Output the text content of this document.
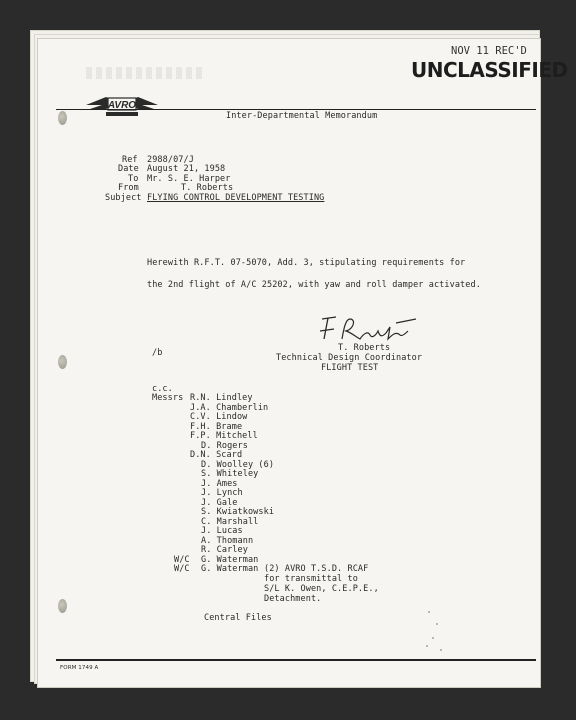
NOV 11 REC'D
UNCLASSIFIED
AVRO
Inter-Departmental Memorandum
Ref 2988/07/J
Date August 21, 1958
To Mr. S. E. Harper
From	T. Roberts
Subject FLYING CONTROL DEVELOPMENT TESTING
Herewith R.F.T. 07-5070, Add. 3, stipulating requirements for
the 2nd flight of A/C 25202, with yaw and roll damper activated.
/b	T. Roberts
Technical Design Coordinator
FLIGHT TEST
c.c.
Messrs R.N. Lindley
J.A. Chamberlin
C.V. Lindow
F.H. Brame
F.P. Mitchell
D. Rogers
D.N. Scard
D. Woolley (6)
S. Whiteley
J. Ames
J. Lynch
J. Gale
S. Kwiatkowski
C. Marshall
J. Lucas
A. Thomann
R. Carley
W/C G. Waterman
W/C G. Waterman (2) AVRO T.S.D. RCAF
for transmittal to
S/L K. Owen, C.E.P.E.,
Detachment.
Central Files
FORM 1749 A
